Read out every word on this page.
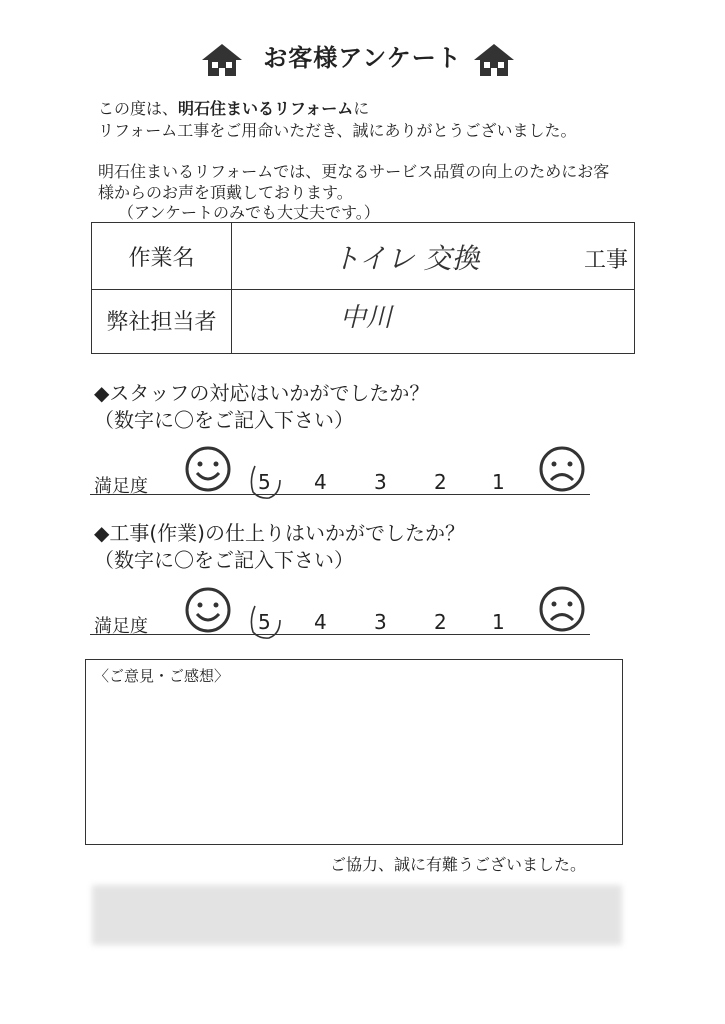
お客様アンケート
この度は、明石住まいるリフォームに
リフォーム工事をご用命いただき、誠にありがとうございました。
明石住まいるリフォームでは、更なるサービス品質の向上のためにお客
様からのお声を頂戴しております。
（アンケートのみでも大丈夫です。）
作業名	トイレ 交換	工事
弊社担当者	中川
◆スタッフの対応はいかがでしたか？
（数字に〇をご記入下さい）
満足度	5 4 3 2 1
◆工事(作業)の仕上りはいかがでしたか？
（数字に〇をご記入下さい）
満足度	5 4 3 2 1
〈ご意見・ご感想〉
ご協力、誠に有難うございました。
